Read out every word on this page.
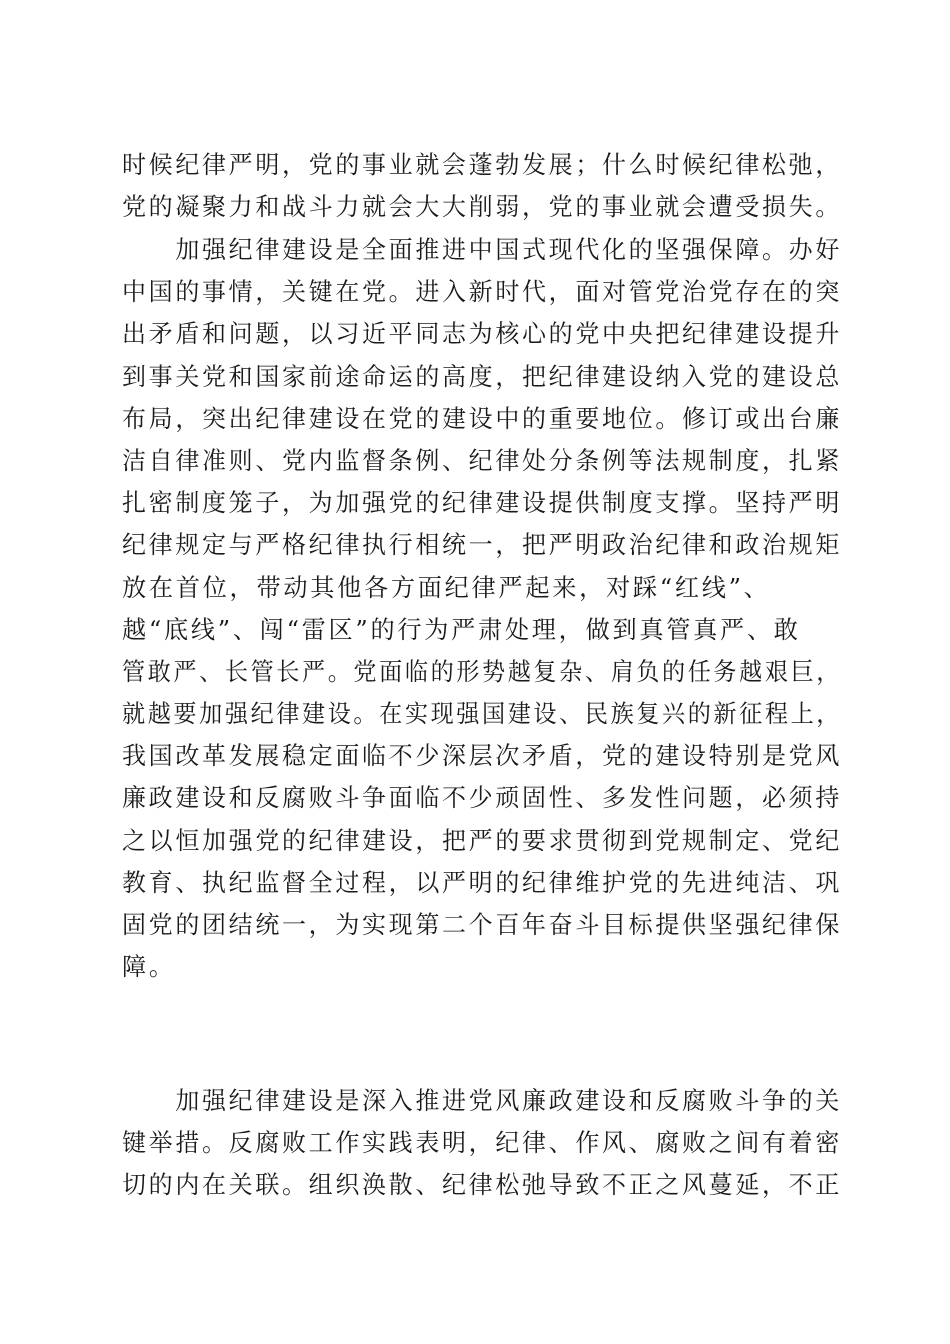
时候纪律严明，党的事业就会蓬勃发展；什么时候纪律松弛，
党的凝聚力和战斗力就会大大削弱，党的事业就会遭受损失。
　　加强纪律建设是全面推进中国式现代化的坚强保障。办好
中国的事情，关键在党。进入新时代，面对管党治党存在的突
出矛盾和问题，以习近平同志为核心的党中央把纪律建设提升
到事关党和国家前途命运的高度，把纪律建设纳入党的建设总
布局，突出纪律建设在党的建设中的重要地位。修订或出台廉
洁自律准则、党内监督条例、纪律处分条例等法规制度，扎紧
扎密制度笼子，为加强党的纪律建设提供制度支撑。坚持严明
纪律规定与严格纪律执行相统一，把严明政治纪律和政治规矩
放在首位，带动其他各方面纪律严起来，对踩“红线”、
越“底线”、闯“雷区”的行为严肃处理，做到真管真严、敢
管敢严、长管长严。党面临的形势越复杂、肩负的任务越艰巨，
就越要加强纪律建设。在实现强国建设、民族复兴的新征程上，
我国改革发展稳定面临不少深层次矛盾，党的建设特别是党风
廉政建设和反腐败斗争面临不少顽固性、多发性问题，必须持
之以恒加强党的纪律建设，把严的要求贯彻到党规制定、党纪
教育、执纪监督全过程，以严明的纪律维护党的先进纯洁、巩
固党的团结统一，为实现第二个百年奋斗目标提供坚强纪律保
障。
　　加强纪律建设是深入推进党风廉政建设和反腐败斗争的关
键举措。反腐败工作实践表明，纪律、作风、腐败之间有着密
切的内在关联。组织涣散、纪律松弛导致不正之风蔓延，不正
